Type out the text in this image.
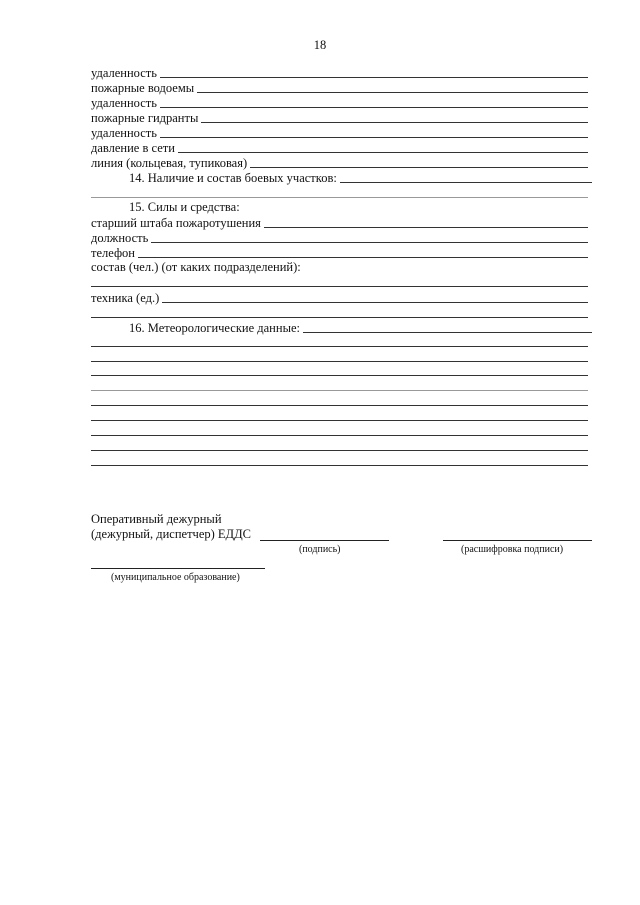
18
удаленность
пожарные водоемы
удаленность
пожарные гидранты
удаленность
давление в сети
линия (кольцевая, тупиковая)
14. Наличие и состав боевых участков:
15. Силы и средства:
старший штаба пожаротушения
должность
телефон
состав (чел.) (от каких подразделений):
техника (ед.)
16. Метеорологические данные:
Оперативный дежурный
(дежурный, диспетчер) ЕДДС
(подпись)	(расшифровка подписи)
(муниципальное образование)
